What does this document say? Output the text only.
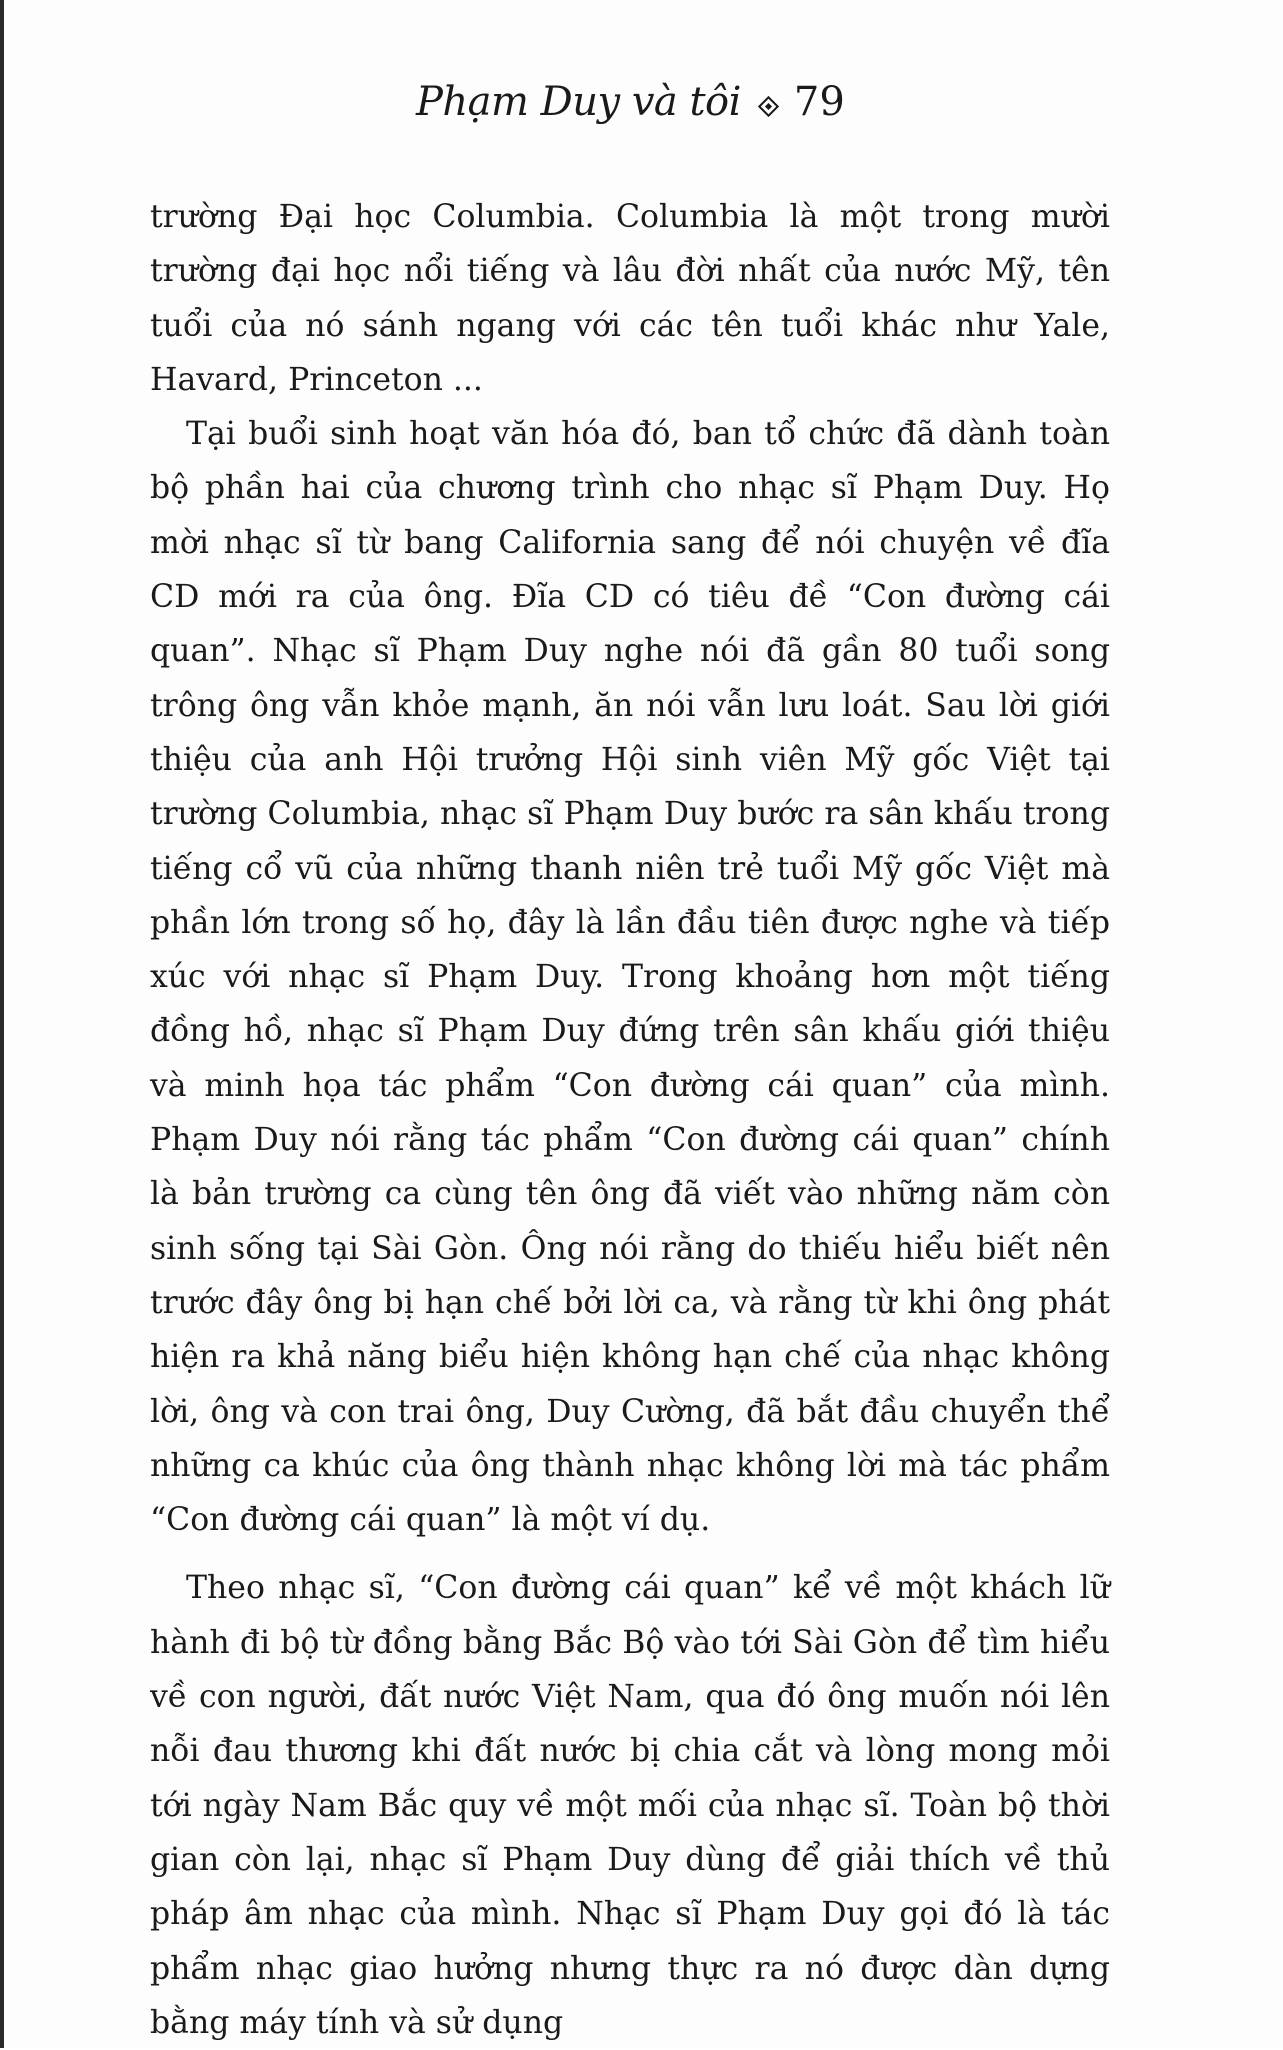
Phạm Duy và tôi 79

trường Đại học Columbia. Columbia là một trong mười trường đại học nổi tiếng và lâu đời nhất của nước Mỹ, tên tuổi của nó sánh ngang với các tên tuổi khác như Yale, Havard, Princeton ...

Tại buổi sinh hoạt văn hóa đó, ban tổ chức đã dành toàn bộ phần hai của chương trình cho nhạc sĩ Phạm Duy. Họ mời nhạc sĩ từ bang California sang để nói chuyện về đĩa CD mới ra của ông. Đĩa CD có tiêu đề “Con đường cái quan”. Nhạc sĩ Phạm Duy nghe nói đã gần 80 tuổi song trông ông vẫn khỏe mạnh, ăn nói vẫn lưu loát. Sau lời giới thiệu của anh Hội trưởng Hội sinh viên Mỹ gốc Việt tại trường Columbia, nhạc sĩ Phạm Duy bước ra sân khấu trong tiếng cổ vũ của những thanh niên trẻ tuổi Mỹ gốc Việt mà phần lớn trong số họ, đây là lần đầu tiên được nghe và tiếp xúc với nhạc sĩ Phạm Duy. Trong khoảng hơn một tiếng đồng hồ, nhạc sĩ Phạm Duy đứng trên sân khấu giới thiệu và minh họa tác phẩm “Con đường cái quan” của mình. Phạm Duy nói rằng tác phẩm “Con đường cái quan” chính là bản trường ca cùng tên ông đã viết vào những năm còn sinh sống tại Sài Gòn. Ông nói rằng do thiếu hiểu biết nên trước đây ông bị hạn chế bởi lời ca, và rằng từ khi ông phát hiện ra khả năng biểu hiện không hạn chế của nhạc không lời, ông và con trai ông, Duy Cường, đã bắt đầu chuyển thể những ca khúc của ông thành nhạc không lời mà tác phẩm “Con đường cái quan” là một ví dụ.

Theo nhạc sĩ, “Con đường cái quan” kể về một khách lữ hành đi bộ từ đồng bằng Bắc Bộ vào tới Sài Gòn để tìm hiểu về con người, đất nước Việt Nam, qua đó ông muốn nói lên nỗi đau thương khi đất nước bị chia cắt và lòng mong mỏi tới ngày Nam Bắc quy về một mối của nhạc sĩ. Toàn bộ thời gian còn lại, nhạc sĩ Phạm Duy dùng để giải thích về thủ pháp âm nhạc của mình. Nhạc sĩ Phạm Duy gọi đó là tác phẩm nhạc giao hưởng nhưng thực ra nó được dàn dựng bằng máy tính và sử dụng
